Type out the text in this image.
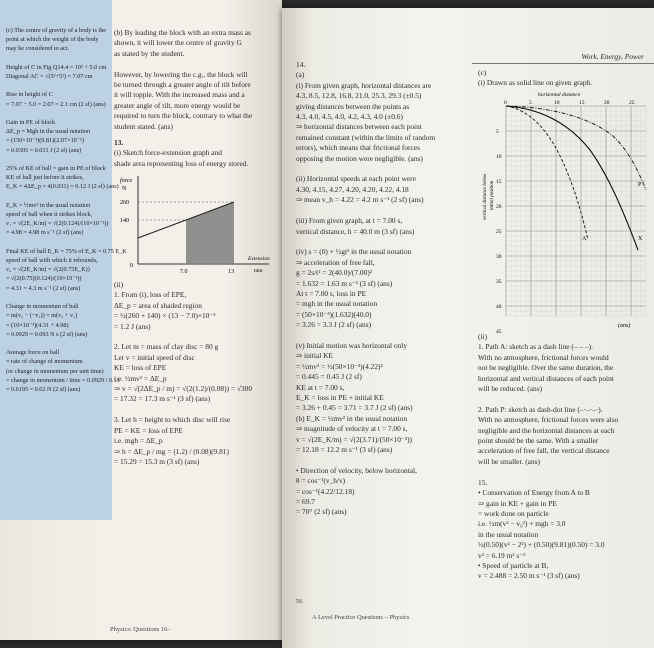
(c) The centre of gravity of a body is the

point at which the weight of the body

may be considered to act.

Height of C in Fig Q14.4 = 10² + 5.0 cm

Diagonal AC = √(5²+5²) = 7.07 cm

Rise in height of C

= 7.07 − 5.0 = 2.07 = 2.1 cm (2 sf) (ans)

Gain in PE of block

ΔE_p = Mgh in the usual notation

= (150×10⁻³)(9.81)(2.07×10⁻²)

= 0.0305 = 0.031 J (2 sf) (ans)

25% of KE of ball = gain in PE of block

KE of ball just before it strikes,

E_K = 4ΔE_p = 4(0.031) = 0.12 J (2 sf) (ans)

E_K = ½mv² in the usual notation

speed of ball when it strikes block,

v₁ = √(2E_K/m) = √(2(0.124)/(10×10⁻³))

= 4.98 = 4.98 m s⁻¹ (2 sf) (ans)

Final KE of ball E_K = 75% of E_K = 0.75 E_K

speed of ball with which it rebounds,

v₂ = √(2E_K/m) = √(2(0.75E_K))

= √(2(0.75)(0.124)/(10×10⁻³))

= 4.31 = 4.3 m s⁻¹ (2 sf) (ans)

Change in momentum of ball

= m(v₂ − (−v₁)) = m(v₂ + v₁)

= (10×10⁻³)(4.31 + 4.98)

= 0.0929 = 0.093 N s (2 sf) (ans)

Average force on ball

= rate of change of momentum

(or change in momentum per unit time)

= change in momentum / time = 0.0929 / 0.15

= 0.6195 = 0.62 N (2 sf) (ans)

(b) By leading the block with an extra mass as

shown, it will lower the centre of gravity G

as stated by the student.

However, by lowering the c.g., the block will

be turned through a greater angle of tilt before

it will topple. With the increased mass and a

greater angle of tilt, more energy would be

required to turn the block, contrary to what the

student stated. (ans)

13.

(i) Sketch force-extension graph and

shade area representing loss of energy stored.

force
N
260
140
0
7.0	13
Extension
mm

(ii)

1. From (i), loss of EPE,

ΔE_p = area of shaded region

= ½(260 + 140) × (13 − 7.0)×10⁻³

= 1.2 J (ans)

2. Let m = mass of clay disc = 80 g

Let v = initial speed of disc

KE = loss of EPE

i.e. ½mv² = ΔE_p

⇒ v = √(2ΔE_p / m) = √(2(1.2)/(0.08)) = √300

= 17.32 = 17.3 m s⁻¹ (3 sf) (ans)

3. Let h = height to which disc will rise

PE = KE = loss of EPE

i.e. mgh = ΔE_p

⇒ h = ΔE_p / mg = (1.2) / (0.08)(9.81)

= 15.29 = 15.3 m (3 sf) (ans)

Physics: Questions 16–
Work, Energy, Power

14.

(a)

(i) From given graph, horizontal distances are

4.3, 8.5, 12.8, 16.8, 21.0, 25.3, 29.3 (±0.5)

giving distances between the points as

4.3, 4.0, 4.5, 4.0, 4.2, 4.3, 4.0 (±0.6)

⇒ horizontal distances between each point

remained constant (within the limits of random

errors), which means that frictional forces

opposing the motion were negligible. (ans)

(ii) Horizontal speeds at each point were

4.30, 4.15, 4.27, 4.20, 4.20, 4.22, 4.18

⇒ mean v_h = 4.22 = 4.2 m s⁻¹ (2 sf) (ans)

(iii) From given graph, at t = 7.00 s,

vertical distance, h = 40.0 m (3 sf) (ans)

(iv) s = (0) + ½gt² in the usual notation

⇒ acceleration of free fall,

g = 2s/t² = 2(40.0)/(7.00)²

= 1.632 = 1.63 m s⁻² (3 sf) (ans)

At t = 7.00 s, loss in PE

= mgh in the usual notation

= (50×10⁻³)(1.632)(40.0)

= 3.26 = 3.3 J (2 sf) (ans)

(v) Initial motion was horizontal only

⇒ initial KE

= ½mv² = ½(50×10⁻³)(4.22)²

= 0.445 = 0.45 J (2 sf)

KE at t = 7.00 s,

E_K = loss in PE + initial KE

= 3.26 + 0.45 = 3.71 = 3.7 J (2 sf) (ans)

(b) E_K = ½mv² in the usual notation

⇒ magnitude of velocity at t = 7.00 s,

v = √(2E_K/m) = √(2(3.71)/(50×10⁻³))

= 12.18 = 12.2 m s⁻¹ (3 sf) (ans)

• Direction of velocity, below horizontal,

θ = cos⁻¹(v_h/v)

= cos⁻¹(4.22/12.18)

= 69.7

= 70° (2 sf) (ans)

(c)

(i) Drawn as solid line on given graph.

horizontal distance
vertical distance below initial position
0	5	10	15	20	25
5
10
15
20
25
30
35
40
45
A
P
X
(ans)

(ii)

1. Path A: sketch as a dash line (– – –).

With no atmosphere, frictional forces would

not be negligible. Over the same duration, the

horizontal and vertical distances of each point

will be reduced. (ans)

2. Path P: sketch as dash-dot line (–·–·–·).

With no atmosphere, frictional forces were also

negligible and the horizontal distances at each

point should be the same. With a smaller

acceleration of free fall, the vertical distance

will be smaller. (ans)

15.

• Conservation of Energy from A to B

⇒ gain in KE + gain in PE

= work done on particle

i.e. ½m(v² − v₀²) + mgh = 3.0

in the usual notation

½(0.50)(v² − 2²) + (0.50)(9.81)(0.50) = 3.0

v² = 6.19 m² s⁻²

• Speed of particle at B,

v = 2.488 = 2.50 m s⁻¹ (3 sf) (ans)

56
A Level Practice Questions – Physics
